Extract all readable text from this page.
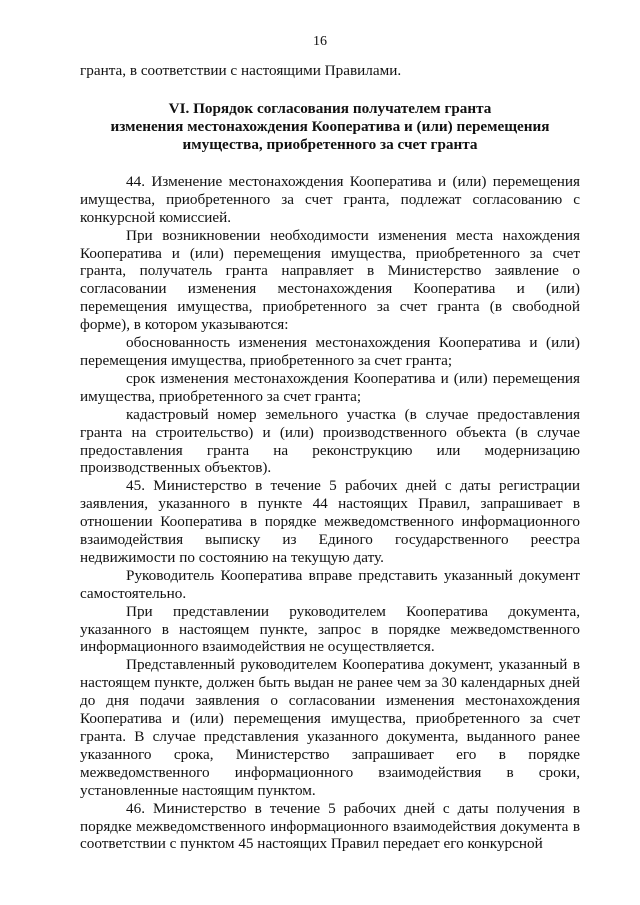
16

гранта, в соответствии с настоящими Правилами.

VI. Порядок согласования получателем гранта
изменения местонахождения Кооператива и (или) перемещения
имущества, приобретенного за счет гранта

44. Изменение местонахождения Кооператива и (или) перемещения имущества, приобретенного за счет гранта, подлежат согласованию с конкурсной комиссией.

При возникновении необходимости изменения места нахождения Кооператива и (или) перемещения имущества, приобретенного за счет гранта, получатель гранта направляет в Министерство заявление о согласовании изменения местонахождения Кооператива и (или) перемещения имущества, приобретенного за счет гранта (в свободной форме), в котором указываются:

обоснованность изменения местонахождения Кооператива и (или) перемещения имущества, приобретенного за счет гранта;

срок изменения местонахождения Кооператива и (или) перемещения имущества, приобретенного за счет гранта;

кадастровый номер земельного участка (в случае предоставления гранта на строительство) и (или) производственного объекта (в случае предоставления гранта на реконструкцию или модернизацию производственных объектов).

45. Министерство в течение 5 рабочих дней с даты регистрации заявления, указанного в пункте 44 настоящих Правил, запрашивает в отношении Кооператива в порядке межведомственного информационного взаимодействия выписку из Единого государственного реестра недвижимости по состоянию на текущую дату.

Руководитель Кооператива вправе представить указанный документ самостоятельно.

При представлении руководителем Кооператива документа, указанного в настоящем пункте, запрос в порядке межведомственного информационного взаимодействия не осуществляется.

Представленный руководителем Кооператива документ, указанный в настоящем пункте, должен быть выдан не ранее чем за 30 календарных дней до дня подачи заявления о согласовании изменения местонахождения Кооператива и (или) перемещения имущества, приобретенного за счет гранта. В случае представления указанного документа, выданного ранее указанного срока, Министерство запрашивает его в порядке межведомственного информационного взаимодействия в сроки, установленные настоящим пунктом.

46. Министерство в течение 5 рабочих дней с даты получения в порядке межведомственного информационного взаимодействия документа в соответствии с пунктом 45 настоящих Правил передает его конкурсной
